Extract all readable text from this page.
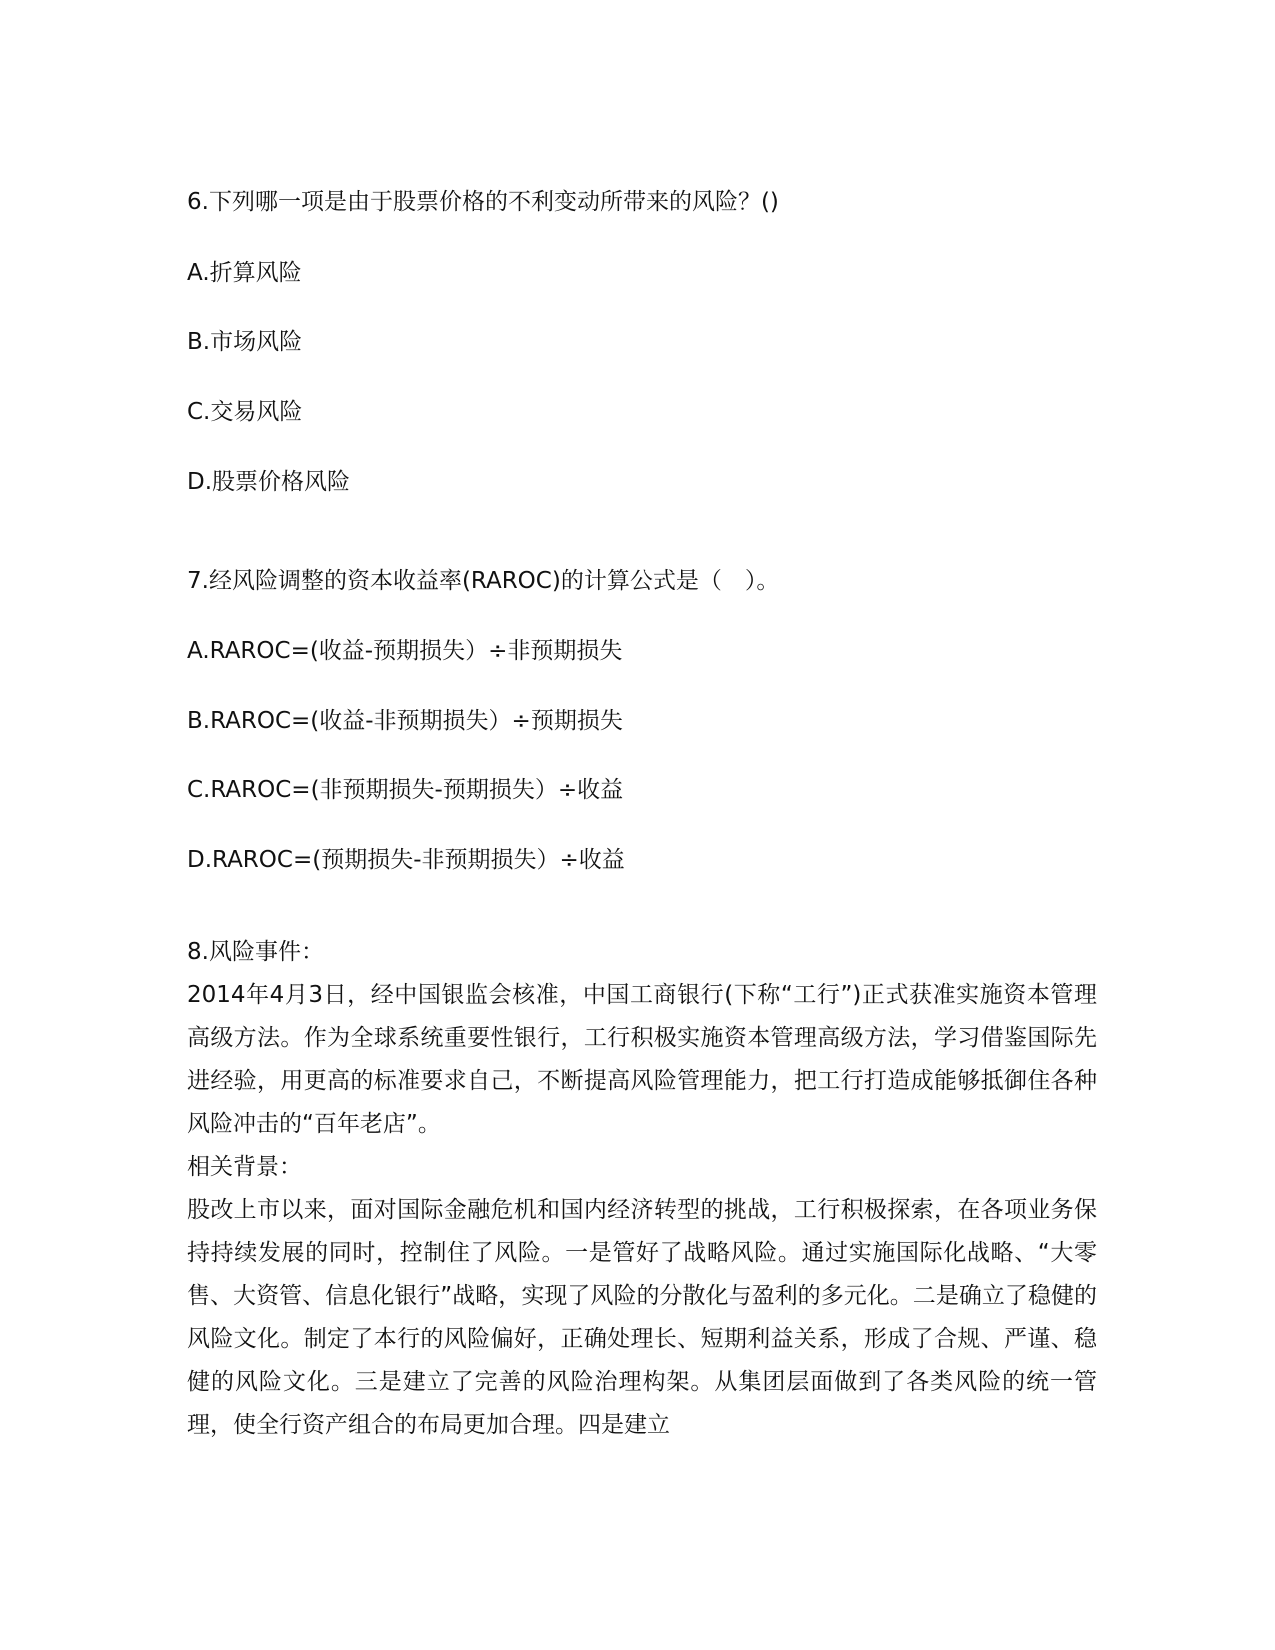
6.下列哪一项是由于股票价格的不利变动所带来的风险？()
A.折算风险
B.市场风险
C.交易风险
D.股票价格风险
7.经风险调整的资本收益率(RAROC)的计算公式是（　）。
A.RAROC=(收益-预期损失）÷非预期损失
B.RAROC=(收益-非预期损失）÷预期损失
C.RAROC=(非预期损失-预期损失）÷收益
D.RAROC=(预期损失-非预期损失）÷收益

8.风险事件：

2014年4月3日，经中国银监会核准，中国工商银行(下称“工行”)正式获准实施资本管理高级方法。作为全球系统重要性银行，工行积极实施资本管理高级方法，学习借鉴国际先进经验，用更高的标准要求自己，不断提高风险管理能力，把工行打造成能够抵御住各种风险冲击的“百年老店”。

相关背景：

股改上市以来，面对国际金融危机和国内经济转型的挑战，工行积极探索，在各项业务保持持续发展的同时，控制住了风险。一是管好了战略风险。通过实施国际化战略、“大零售、大资管、信息化银行”战略，实现了风险的分散化与盈利的多元化。二是确立了稳健的风险文化。制定了本行的风险偏好，正确处理长、短期利益关系，形成了合规、严谨、稳健的风险文化。三是建立了完善的风险治理构架。从集团层面做到了各类风险的统一管理，使全行资产组合的布局更加合理。四是建立
